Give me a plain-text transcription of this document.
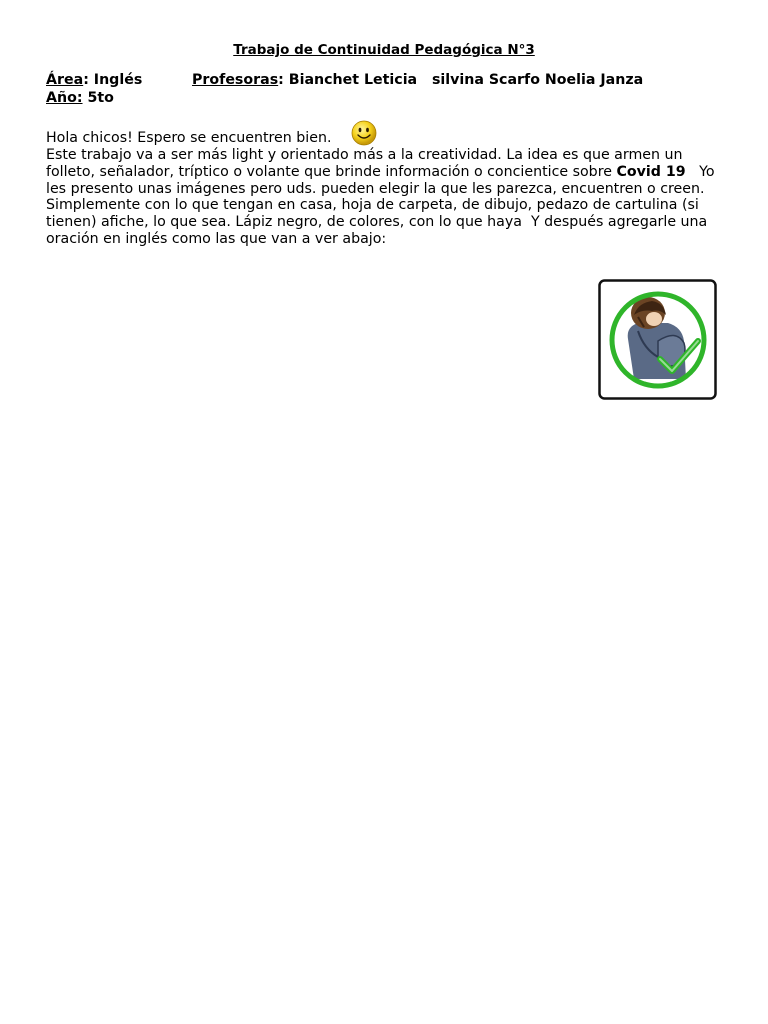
Trabajo de Continuidad Pedagógica N°3
Área: Inglés	Profesoras: Bianchet Leticia   silvina Scarfo Noelia Janza
Año: 5to
Hola chicos! Espero se encuentren bien.
Este trabajo va a ser más light y orientado más a la creatividad. La idea es que armen un folleto, señalador, tríptico o volante que brinde información o concientice sobre Covid 19   Yo les presento unas imágenes pero uds. pueden elegir la que les parezca, encuentren o creen. Simplemente con lo que tengan en casa, hoja de carpeta, de dibujo, pedazo de cartulina (si tienen) afiche, lo que sea. Lápiz negro, de colores, con lo que haya  Y después agregarle una oración en inglés como las que van a ver abajo:
